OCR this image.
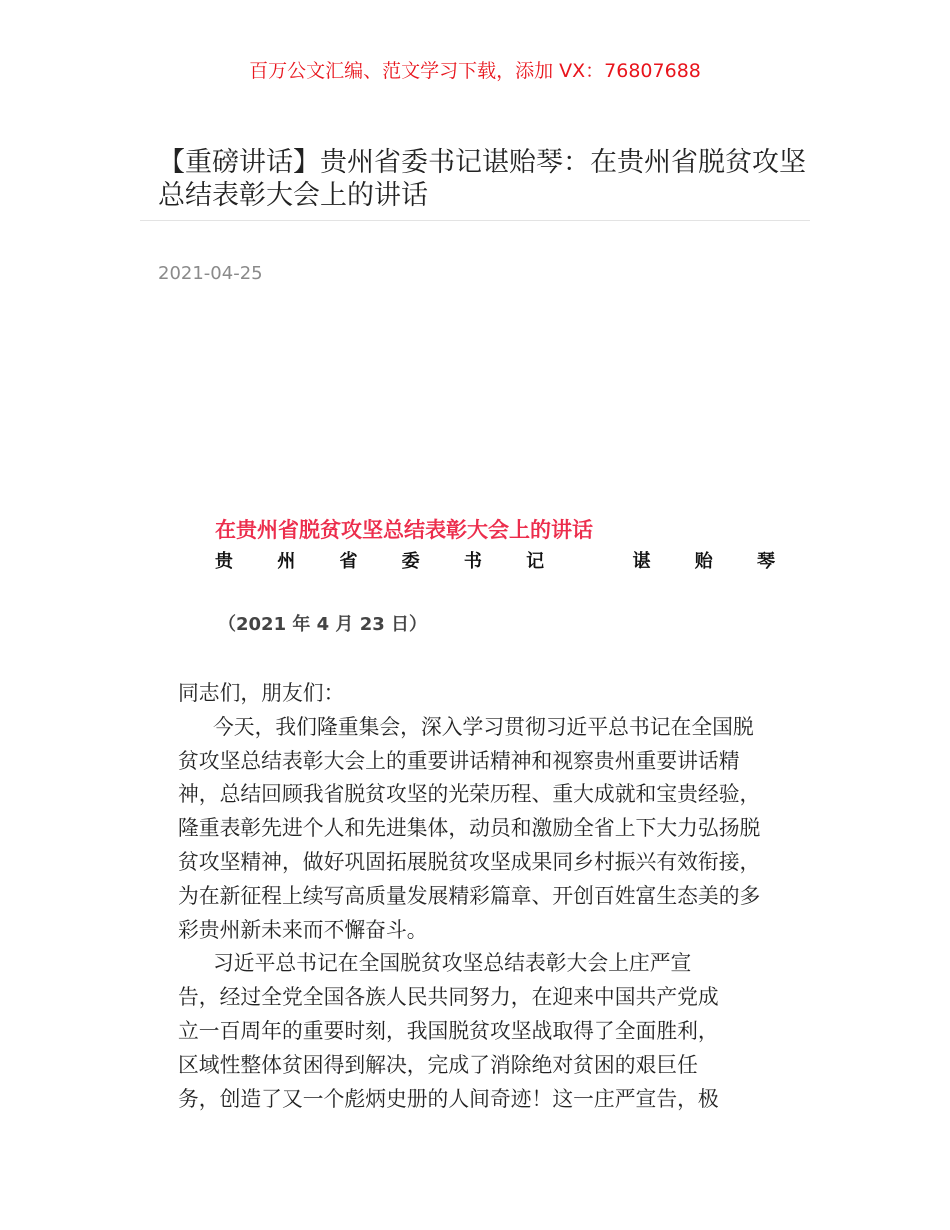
百万公文汇编、范文学习下载，添加 VX：76807688
【重磅讲话】贵州省委书记谌贻琴：在贵州省脱贫攻坚
总结表彰大会上的讲话
2021-04-25
在贵州省脱贫攻坚总结表彰大会上的讲话
贵 州 省 委 书 记	谌 贻 琴
（2021 年 4 月 23 日）
同志们，朋友们：
今天，我们隆重集会，深入学习贯彻习近平总书记在全国脱
贫攻坚总结表彰大会上的重要讲话精神和视察贵州重要讲话精
神，总结回顾我省脱贫攻坚的光荣历程、重大成就和宝贵经验，
隆重表彰先进个人和先进集体，动员和激励全省上下大力弘扬脱
贫攻坚精神，做好巩固拓展脱贫攻坚成果同乡村振兴有效衔接，
为在新征程上续写高质量发展精彩篇章、开创百姓富生态美的多
彩贵州新未来而不懈奋斗。
习近平总书记在全国脱贫攻坚总结表彰大会上庄严宣
告，经过全党全国各族人民共同努力，在迎来中国共产党成
立一百周年的重要时刻，我国脱贫攻坚战取得了全面胜利，
区域性整体贫困得到解决，完成了消除绝对贫困的艰巨任
务，创造了又一个彪炳史册的人间奇迹！这一庄严宣告，极
